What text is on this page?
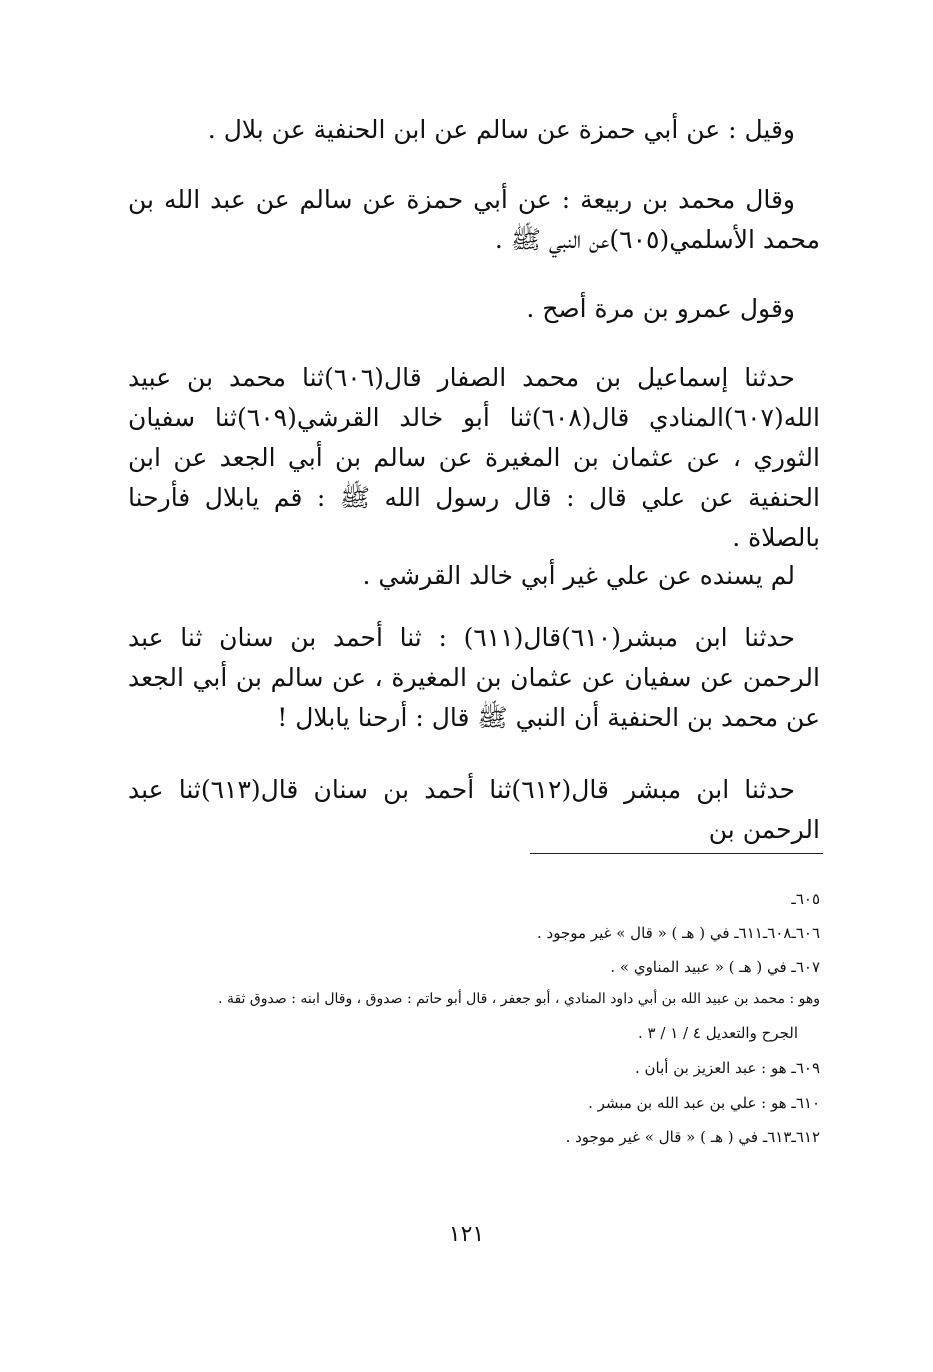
وقيل : عن أبي حمزة عن سالم عن ابن الحنفية عن بلال .

وقال محمد بن ربيعة : عن أبي حمزة عن سالم عن عبد الله بن محمد الأسلمي(٦٠٥)عن النبي ﷺ .

وقول عمرو بن مرة أصح .

حدثنا إسماعيل بن محمد الصفار قال(٦٠٦)ثنا محمد بن عبيد الله(٦٠٧)المنادي قال(٦٠٨)ثنا أبو خالد القرشي(٦٠٩)ثنا سفيان الثوري ، عن عثمان بن المغيرة عن سالم بن أبي الجعد عن ابن الحنفية عن علي قال : قال رسول الله ﷺ : قم يابلال فأرحنا بالصلاة .

لم يسنده عن علي غير أبي خالد القرشي .

حدثنا ابن مبشر(٦١٠)قال(٦١١) : ثنا أحمد بن سنان ثنا عبد الرحمن عن سفيان عن عثمان بن المغيرة ، عن سالم بن أبي الجعد عن محمد بن الحنفية أن النبي ﷺ قال : أرحنا يابلال !

حدثنا ابن مبشر قال(٦١٢)ثنا أحمد بن سنان قال(٦١٣)ثنا عبد الرحمن بن

٦٠٥ـ
٦٠٦ـ٦٠٨ـ٦١١ـ في ( هـ ) « قال » غير موجود .
٦٠٧ـ في ( هـ ) « عبيد المناوي » .
وهو : محمد بن عبيد الله بن أبي داود المنادي ، أبو جعفر ، قال أبو حاتم : صدوق ، وقال ابنه : صدوق ثقة .
الجرح والتعديل ٤ / ١ / ٣ .
٦٠٩ـ هو : عبد العزيز بن أبان .
٦١٠ـ هو : علي بن عبد الله بن مبشر .
٦١٢ـ٦١٣ـ في ( هـ ) « قال » غير موجود .
١٢١
